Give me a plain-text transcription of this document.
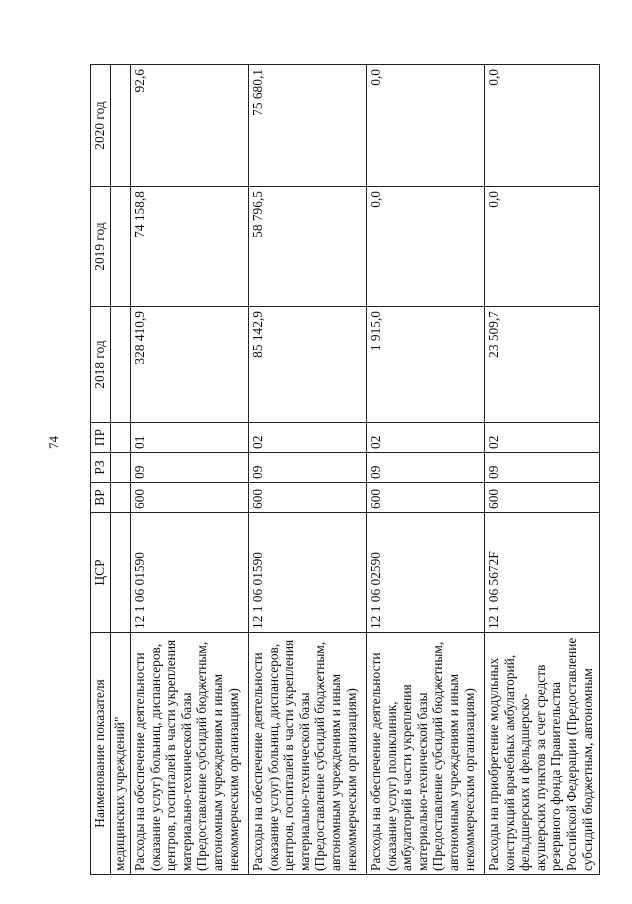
74
Наименование показателя	ЦСР	ВР	РЗ	ПР	2018 год	2019 год	2020 год
медицинских учреждений"							
Расходы на обеспечение деятельности (оказание услуг) больниц, диспансеров, центров, госпиталей в части укрепления материально-технической базы (Предоставление субсидий бюджетным, автономным учреждениям и иным некоммерческим организациям)	12 1 06 01590	600	09	01	328 410,9	74 158,8	92,6
Расходы на обеспечение деятельности (оказание услуг) больниц, диспансеров, центров, госпиталей в части укрепления материально-технической базы (Предоставление субсидий бюджетным, автономным учреждениям и иным некоммерческим организациям)	12 1 06 01590	600	09	02	85 142,9	58 796,5	75 680,1
Расходы на обеспечение деятельности (оказание услуг) поликлиник, амбулаторий в части укрепления материально-технической базы (Предоставление субсидий бюджетным, автономным учреждениям и иным некоммерческим организациям)	12 1 06 02590	600	09	02	1 915,0	0,0	0,0
Расходы на приобретение модульных конструкций врачебных амбулаторий, фельдшерских и фельдшерско-акушерских пунктов за счет средств резервного фонда Правительства Российской Федерации (Предоставление субсидий бюджетным, автономным	12 1 06 5672F	600	09	02	23 509,7	0,0	0,0
